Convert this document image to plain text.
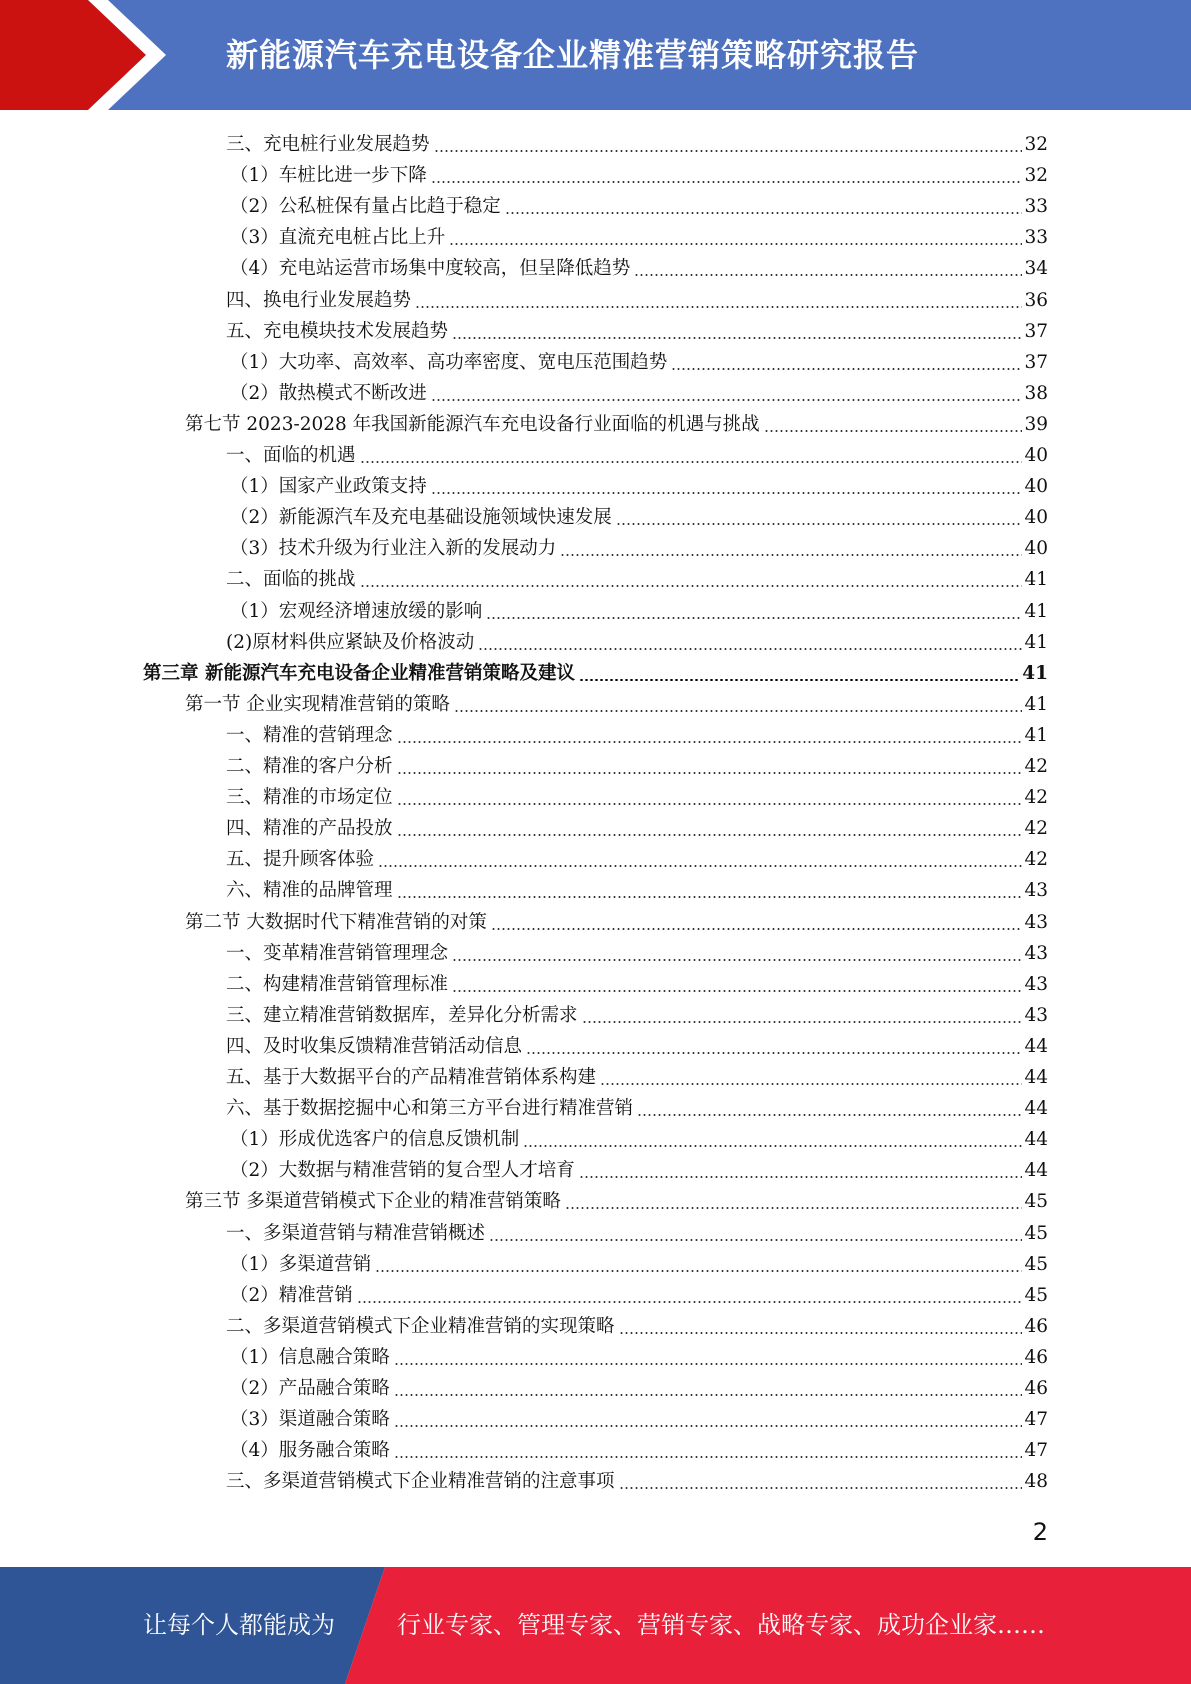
新能源汽车充电设备企业精准营销策略研究报告
三、充电桩行业发展趋势	32
（1）车桩比进一步下降	32
（2）公私桩保有量占比趋于稳定	33
（3）直流充电桩占比上升	33
（4）充电站运营市场集中度较高，但呈降低趋势	34
四、换电行业发展趋势	36
五、充电模块技术发展趋势	37
（1）大功率、高效率、高功率密度、宽电压范围趋势	37
（2）散热模式不断改进	38
第七节 2023-2028 年我国新能源汽车充电设备行业面临的机遇与挑战	39
一、面临的机遇	40
（1）国家产业政策支持	40
（2）新能源汽车及充电基础设施领域快速发展	40
（3）技术升级为行业注入新的发展动力	40
二、面临的挑战	41
（1）宏观经济增速放缓的影响	41
(2)原材料供应紧缺及价格波动	41
第三章 新能源汽车充电设备企业精准营销策略及建议	41
第一节 企业实现精准营销的策略	41
一、精准的营销理念	41
二、精准的客户分析	42
三、精准的市场定位	42
四、精准的产品投放	42
五、提升顾客体验	42
六、精准的品牌管理	43
第二节 大数据时代下精准营销的对策	43
一、变革精准营销管理理念	43
二、构建精准营销管理标准	43
三、建立精准营销数据库，差异化分析需求	43
四、及时收集反馈精准营销活动信息	44
五、基于大数据平台的产品精准营销体系构建	44
六、基于数据挖掘中心和第三方平台进行精准营销	44
（1）形成优选客户的信息反馈机制	44
（2）大数据与精准营销的复合型人才培育	44
第三节 多渠道营销模式下企业的精准营销策略	45
一、多渠道营销与精准营销概述	45
（1）多渠道营销	45
（2）精准营销	45
二、多渠道营销模式下企业精准营销的实现策略	46
（1）信息融合策略	46
（2）产品融合策略	46
（3）渠道融合策略	47
（4）服务融合策略	47
三、多渠道营销模式下企业精准营销的注意事项	48
2
让每个人都能成为	行业专家、管理专家、营销专家、战略专家、成功企业家……
